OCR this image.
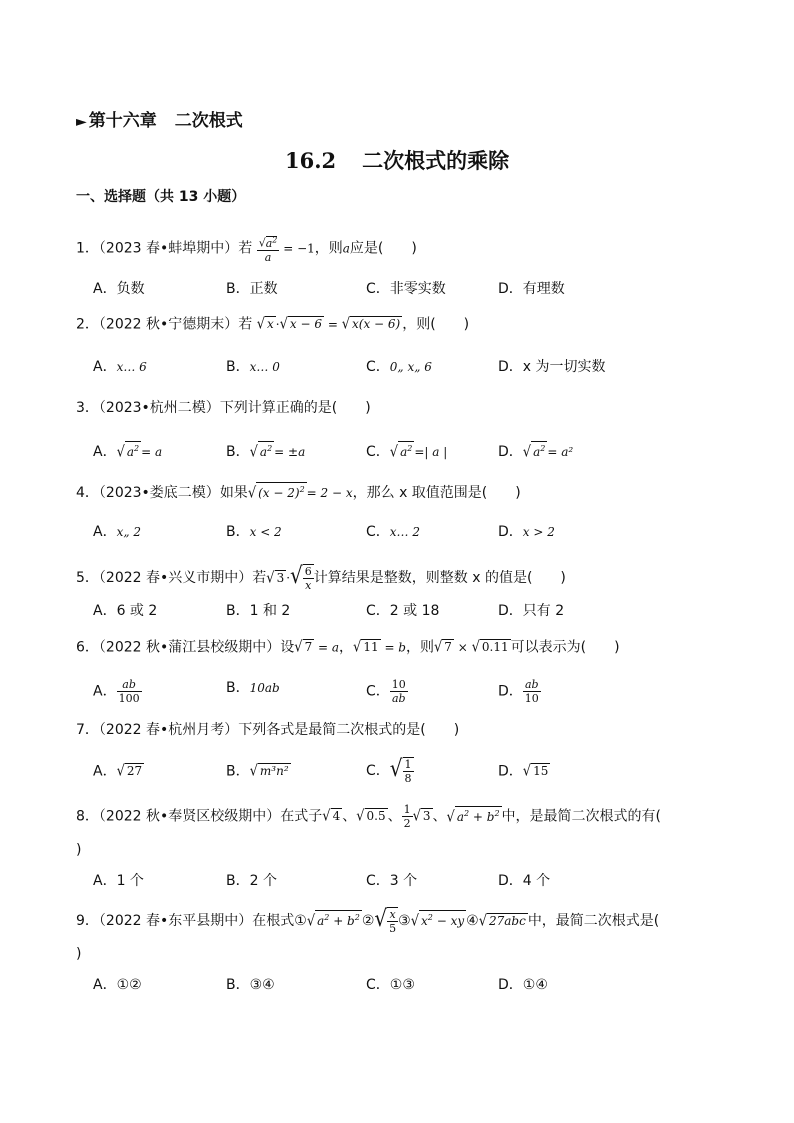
► 第十六章 二次根式
16.2 二次根式的乘除
一、选择题（共 13 小题）
1．（2023 春•蚌埠期中）若 $\frac{√a^2}{a} = -1$，则a应是(　　)
A．负数	B．正数	C．非零实数	D．有理数
2．（2022 秋•宁德期末）若 √ x ·√ x − 6 = √ x(x − 6) ，则(　　)
A．x… 6	B．x… 0	C．0„ x„ 6	D．x 为一切实数
3．（2023•杭州二模）下列计算正确的是(　　)
A．√ $a^2 = a$	B．√ $a^2 = \pm a$	C．√ $a^2$ =| a |	D．√ $a^2 = a^2$
4．（2023•娄底二模）如果√ $(x - 2)^2 = 2 - x$，那么 x 取值范围是(　　)
A．x„ 2	B．x < 2	C．x… 2	D．x > 2
5．（2022 春•兴义市期中）若√ 3 ·√ $\frac{6}{x}$ 计算结果是整数，则整数 x 的值是(　　)
A．6 或 2	B．1 和 2	C．2 或 18	D．只有 2
6．（2022 秋•蒲江县校级期中）设√ 7 = a，√ 11 = b，则√ 7 × √ 0.11 可以表示为(　　)
A． $\frac{ab}{100}$	B．10ab	C． $\frac{10}{ab}$	D． $\frac{ab}{10}$
7．（2022 春•杭州月考）下列各式是最简二次根式的是(　　)
A．√ 27	B．√ m³n²	C．√ $\frac{1}{8}$	D．√ 15
8．（2022 秋•奉贤区校级期中）在式子√ 4 、√ 0.5 、 $\frac{1}{2}$ √ 3 、√ $a^2 + b^2$ 中，是最简二次根式的有(
)
A．1 个	B．2 个	C．3 个	D．4 个
9．（2022 春•东平县期中）在根式①√ $a^2 + b^2$ ②√ $\frac{x}{5}$ ③√ $x^2$ − xy ④√ 27abc 中，最简二次根式是(
)
A．①②	B．③④	C．①③	D．①④
